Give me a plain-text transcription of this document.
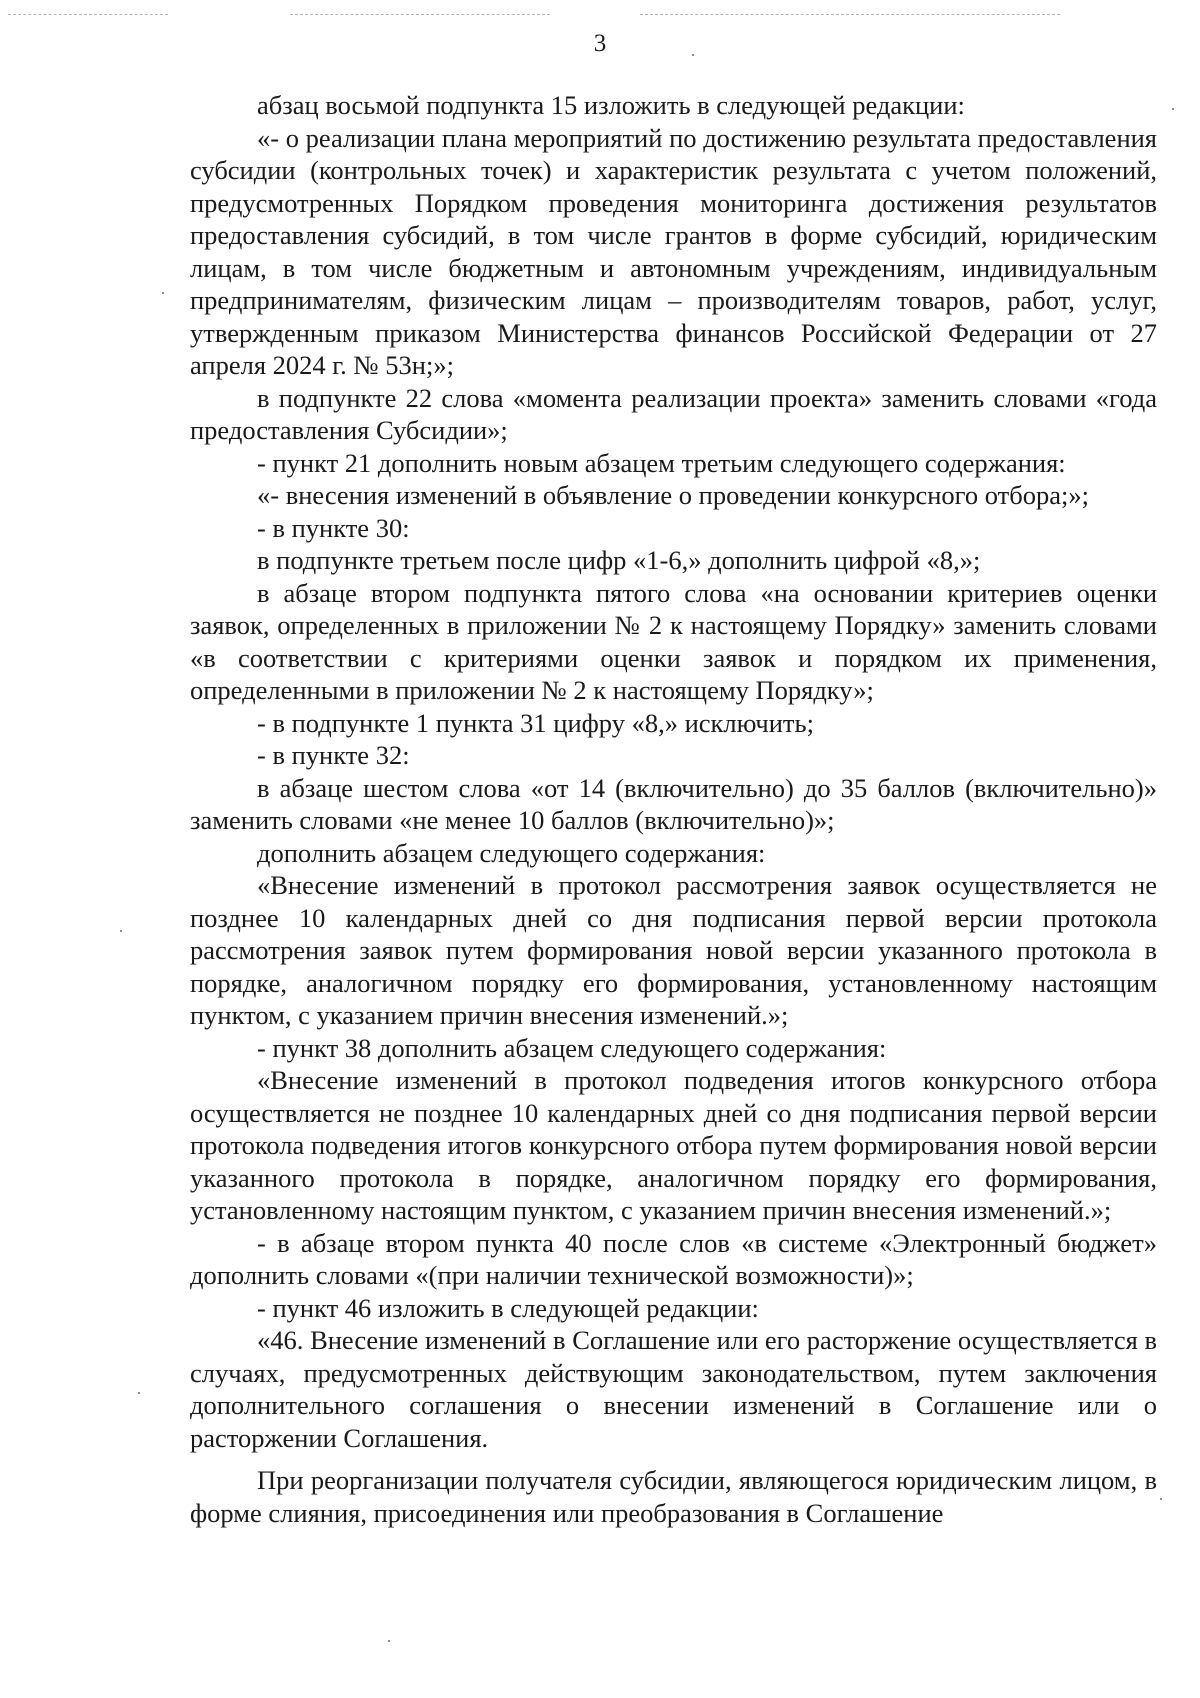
3

абзац восьмой подпункта 15 изложить в следующей редакции:

«- о реализации плана мероприятий по достижению результата предоставления субсидии (контрольных точек) и характеристик результата с учетом положений, предусмотренных Порядком проведения мониторинга достижения результатов предоставления субсидий, в том числе грантов в форме субсидий, юридическим лицам, в том числе бюджетным и автономным учреждениям, индивидуальным предпринимателям, физическим лицам – производителям товаров, работ, услуг, утвержденным приказом Министерства финансов Российской Федерации от 27 апреля 2024 г. № 53н;»;

в подпункте 22 слова «момента реализации проекта» заменить словами «года предоставления Субсидии»;

- пункт 21 дополнить новым абзацем третьим следующего содержания:

«- внесения изменений в объявление о проведении конкурсного отбора;»;

- в пункте 30:

в подпункте третьем после цифр «1-6,» дополнить цифрой «8,»;

в абзаце втором подпункта пятого слова «на основании критериев оценки заявок, определенных в приложении № 2 к настоящему Порядку» заменить словами «в соответствии с критериями оценки заявок и порядком их применения, определенными в приложении № 2 к настоящему Порядку»;

- в подпункте 1 пункта 31 цифру «8,» исключить;

- в пункте 32:

в абзаце шестом слова «от 14 (включительно) до 35 баллов (включительно)» заменить словами «не менее 10 баллов (включительно)»;

дополнить абзацем следующего содержания:

«Внесение изменений в протокол рассмотрения заявок осуществляется не позднее 10 календарных дней со дня подписания первой версии протокола рассмотрения заявок путем формирования новой версии указанного протокола в порядке, аналогичном порядку его формирования, установленному настоящим пунктом, с указанием причин внесения изменений.»;

- пункт 38 дополнить абзацем следующего содержания:

«Внесение изменений в протокол подведения итогов конкурсного отбора осуществляется не позднее 10 календарных дней со дня подписания первой версии протокола подведения итогов конкурсного отбора путем формирования новой версии указанного протокола в порядке, аналогичном порядку его формирования, установленному настоящим пунктом, с указанием причин внесения изменений.»;

- в абзаце втором пункта 40 после слов «в системе «Электронный бюджет» дополнить словами «(при наличии технической возможности)»;

- пункт 46 изложить в следующей редакции:

«46. Внесение изменений в Соглашение или его расторжение осуществляется в случаях, предусмотренных действующим законодательством, путем заключения дополнительного соглашения о внесении изменений в Соглашение или о расторжении Соглашения.

При реорганизации получателя субсидии, являющегося юридическим лицом, в форме слияния, присоединения или преобразования в Соглашение
